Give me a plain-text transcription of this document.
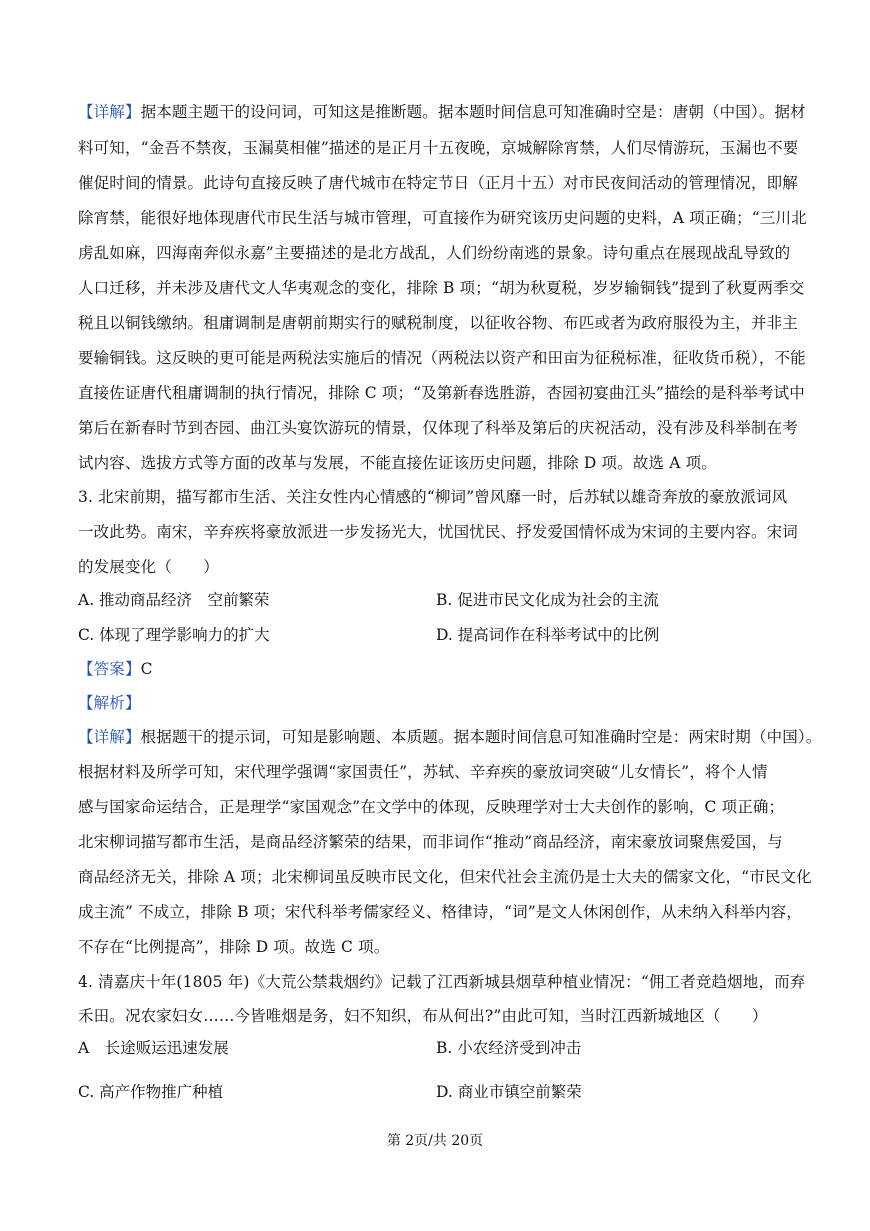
【详解】据本题主题干的设问词，可知这是推断题。据本题时间信息可知准确时空是：唐朝（中国）。据材
料可知，“金吾不禁夜，玉漏莫相催”描述的是正月十五夜晚，京城解除宵禁，人们尽情游玩，玉漏也不要
催促时间的情景。此诗句直接反映了唐代城市在特定节日（正月十五）对市民夜间活动的管理情况，即解
除宵禁，能很好地体现唐代市民生活与城市管理，可直接作为研究该历史问题的史料，A 项正确；“三川北
虏乱如麻，四海南奔似永嘉”主要描述的是北方战乱，人们纷纷南逃的景象。诗句重点在展现战乱导致的
人口迁移，并未涉及唐代文人华夷观念的变化，排除 B 项；“胡为秋夏税，岁岁输铜钱”提到了秋夏两季交
税且以铜钱缴纳。租庸调制是唐朝前期实行的赋税制度，以征收谷物、布匹或者为政府服役为主，并非主
要输铜钱。这反映的更可能是两税法实施后的情况（两税法以资产和田亩为征税标准，征收货币税），不能
直接佐证唐代租庸调制的执行情况，排除 C 项；“及第新春选胜游，杏园初宴曲江头”描绘的是科举考试中
第后在新春时节到杏园、曲江头宴饮游玩的情景，仅体现了科举及第后的庆祝活动，没有涉及科举制在考
试内容、选拔方式等方面的改革与发展，不能直接佐证该历史问题，排除 D 项。故选 A 项。
3. 北宋前期，描写都市生活、关注女性内心情感的“柳词”曾风靡一时，后苏轼以雄奇奔放的豪放派词风
一改此势。南宋，辛弃疾将豪放派进一步发扬光大，忧国忧民、抒发爱国情怀成为宋词的主要内容。宋词
的发展变化（　　）
A. 推动商品经济　空前繁荣	B. 促进市民文化成为社会的主流
C. 体现了理学影响力的扩大	D. 提高词作在科举考试中的比例
【答案】C
【解析】
【详解】根据题干的提示词，可知是影响题、本质题。据本题时间信息可知准确时空是：两宋时期（中国）。
根据材料及所学可知，宋代理学强调“家国责任”，苏轼、辛弃疾的豪放词突破“儿女情长”，将个人情
感与国家命运结合，正是理学“家国观念”在文学中的体现，反映理学对士大夫创作的影响，C 项正确；
北宋柳词描写都市生活，是商品经济繁荣的结果，而非词作“推动”商品经济，南宋豪放词聚焦爱国，与
商品经济无关，排除 A 项；北宋柳词虽反映市民文化，但宋代社会主流仍是士大夫的儒家文化，“市民文化
成主流” 不成立，排除 B 项；宋代科举考儒家经义、格律诗，“词”是文人休闲创作，从未纳入科举内容，
不存在“比例提高”，排除 D 项。故选 C 项。
4. 清嘉庆十年(1805 年)《大荒公禁栽烟约》记载了江西新城县烟草种植业情况：“佣工者竞趋烟地，而弃
禾田。况农家妇女……今皆唯烟是务，妇不知织，布从何出?”由此可知，当时江西新城地区（　　）
A　长途贩运迅速发展	B. 小农经济受到冲击
C. 高产作物推广种植	D. 商业市镇空前繁荣
第 2页/共 20页
